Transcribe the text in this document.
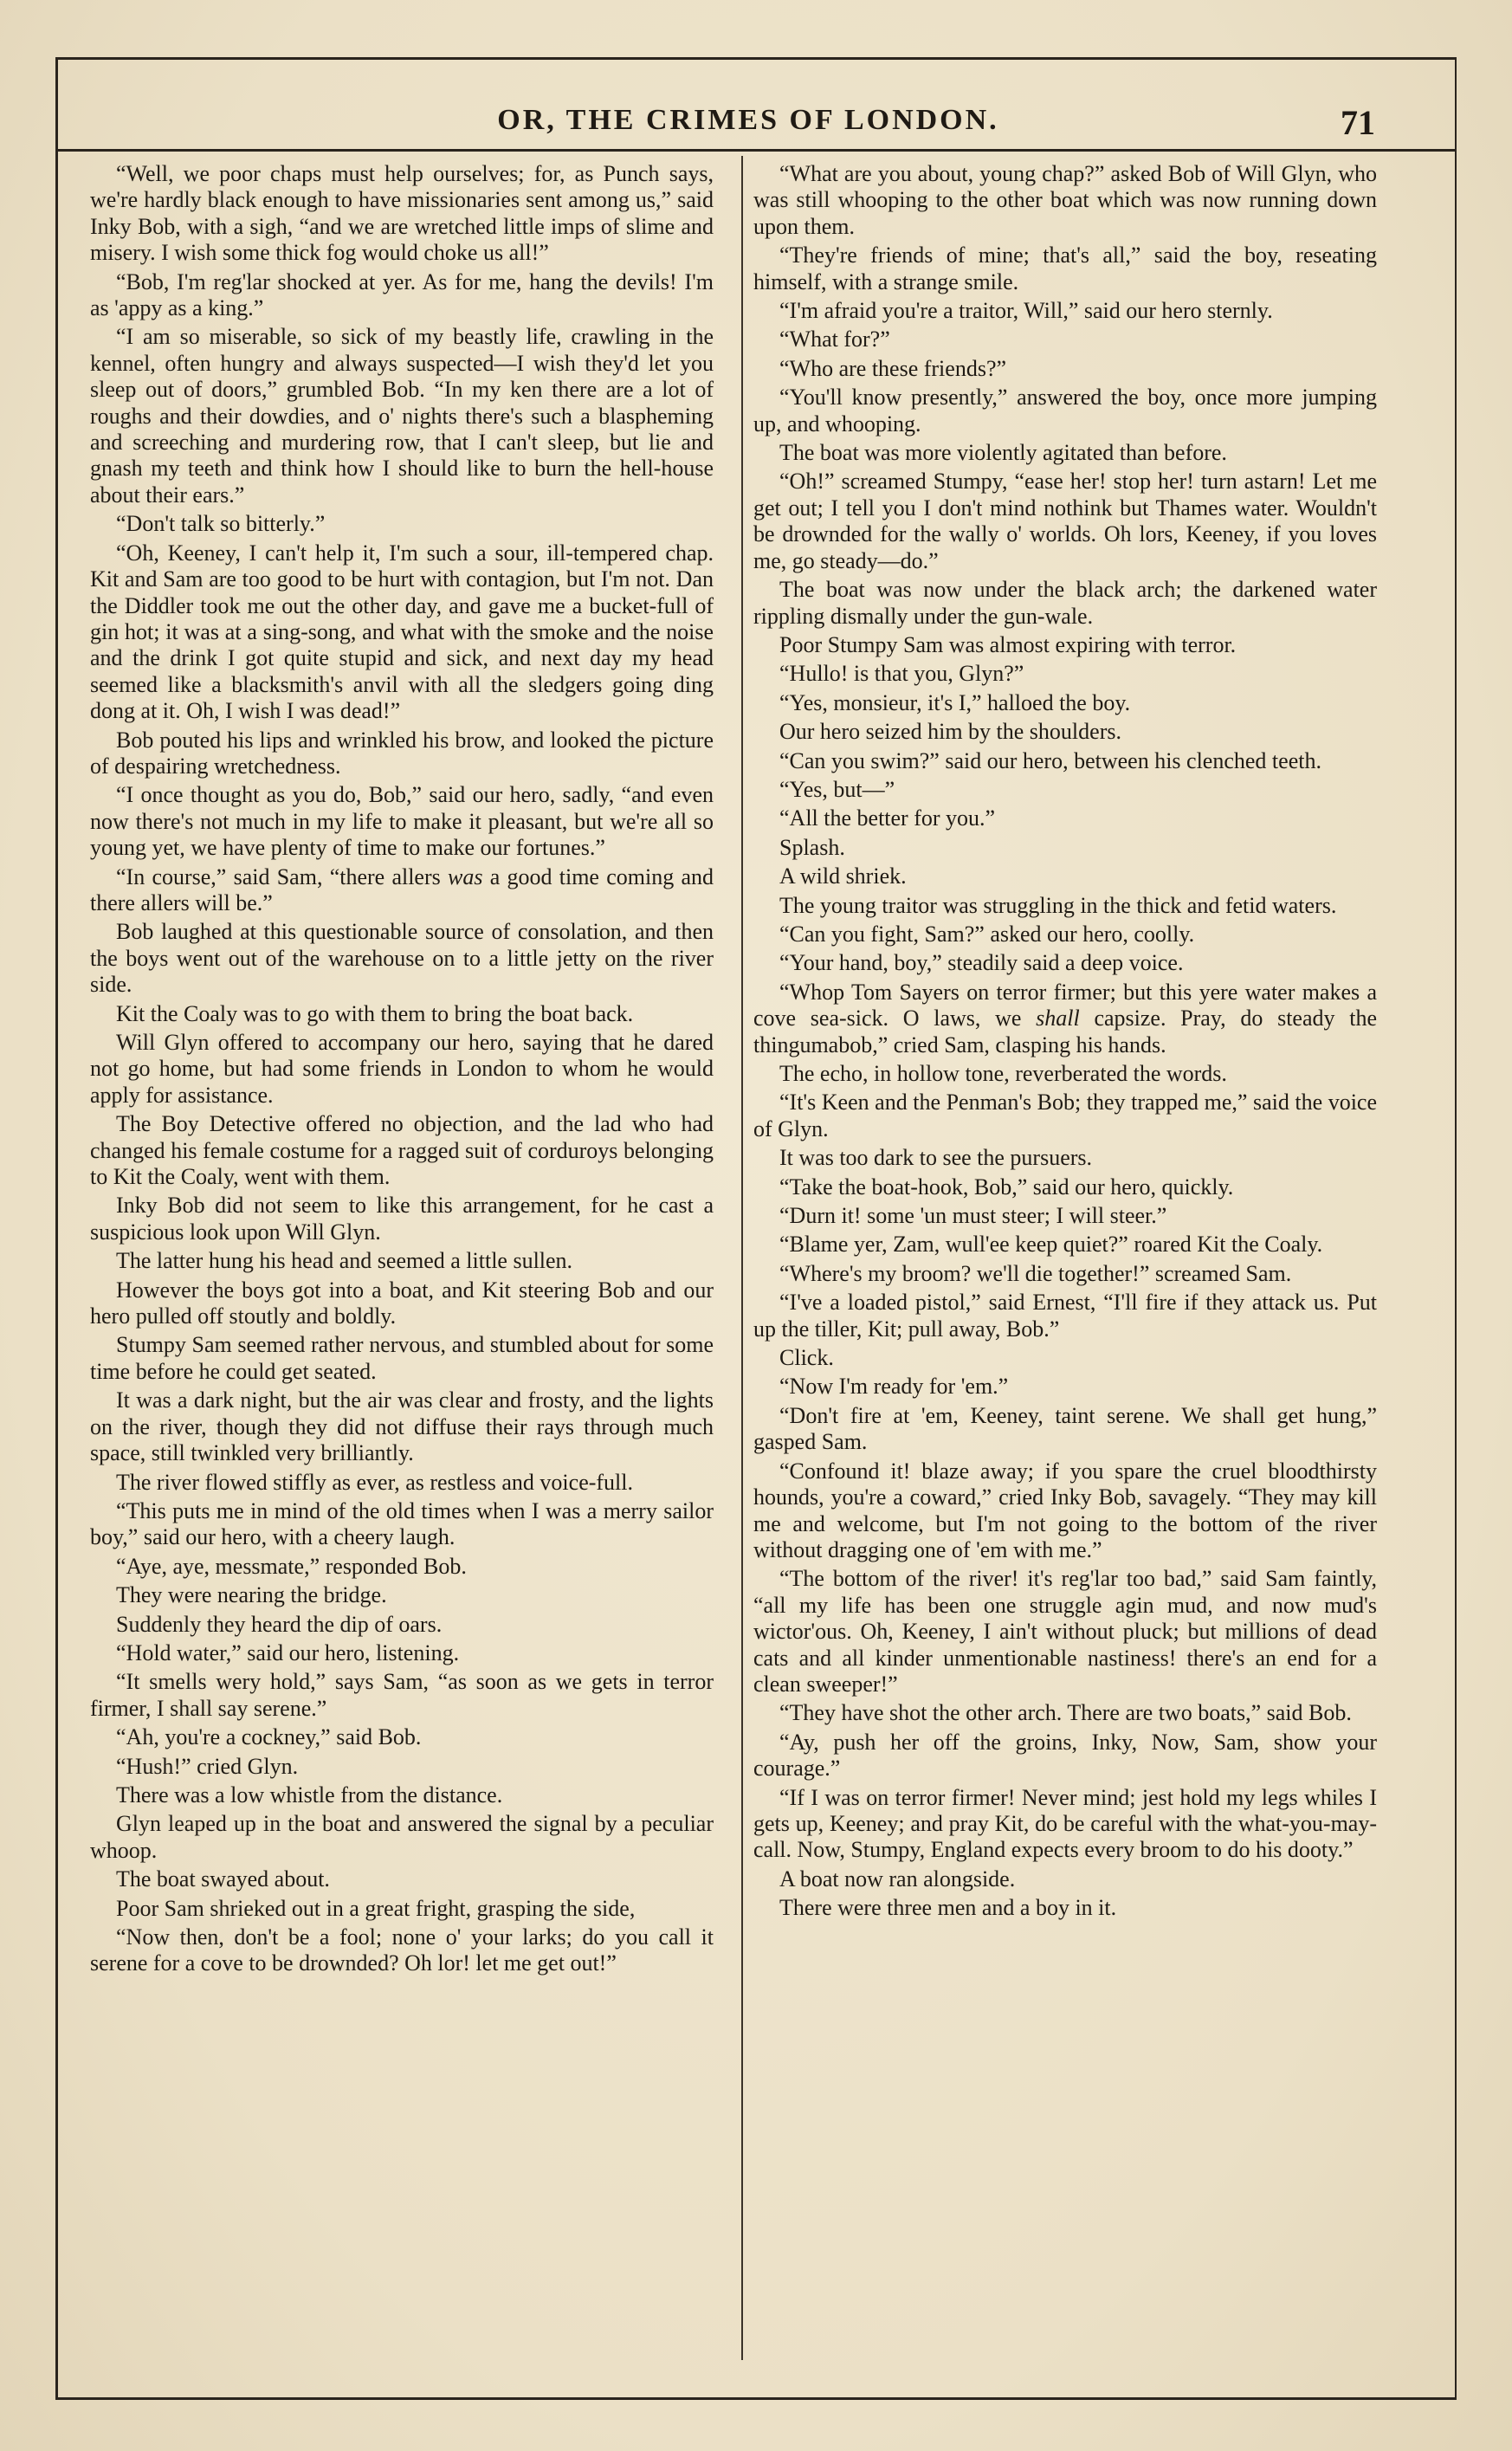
OR, THE CRIMES OF LONDON.	71

“Well, we poor chaps must help ourselves; for, as Punch says, we're hardly black enough to have missionaries sent among us,” said Inky Bob, with a sigh, “and we are wretched little imps of slime and misery. I wish some thick fog would choke us all!”

“Bob, I'm reg'lar shocked at yer. As for me, hang the devils! I'm as 'appy as a king.”

“I am so miserable, so sick of my beastly life, crawling in the kennel, often hungry and always suspected—I wish they'd let you sleep out of doors,” grumbled Bob. “In my ken there are a lot of roughs and their dowdies, and o' nights there's such a blaspheming and screeching and murdering row, that I can't sleep, but lie and gnash my teeth and think how I should like to burn the hell-house about their ears.”

“Don't talk so bitterly.”

“Oh, Keeney, I can't help it, I'm such a sour, ill-tempered chap. Kit and Sam are too good to be hurt with contagion, but I'm not. Dan the Diddler took me out the other day, and gave me a bucket-full of gin hot; it was at a sing-song, and what with the smoke and the noise and the drink I got quite stupid and sick, and next day my head seemed like a blacksmith's anvil with all the sledgers going ding dong at it. Oh, I wish I was dead!”

Bob pouted his lips and wrinkled his brow, and looked the picture of despairing wretchedness.

“I once thought as you do, Bob,” said our hero, sadly, “and even now there's not much in my life to make it pleasant, but we're all so young yet, we have plenty of time to make our fortunes.”

“In course,” said Sam, “there allers was a good time coming and there allers will be.”

Bob laughed at this questionable source of consolation, and then the boys went out of the warehouse on to a little jetty on the river side.

Kit the Coaly was to go with them to bring the boat back.

Will Glyn offered to accompany our hero, saying that he dared not go home, but had some friends in London to whom he would apply for assistance.

The Boy Detective offered no objection, and the lad who had changed his female costume for a ragged suit of corduroys belonging to Kit the Coaly, went with them.

Inky Bob did not seem to like this arrangement, for he cast a suspicious look upon Will Glyn.

The latter hung his head and seemed a little sullen.

However the boys got into a boat, and Kit steering Bob and our hero pulled off stoutly and boldly.

Stumpy Sam seemed rather nervous, and stumbled about for some time before he could get seated.

It was a dark night, but the air was clear and frosty, and the lights on the river, though they did not diffuse their rays through much space, still twinkled very brilliantly.

The river flowed stiffly as ever, as restless and voice-full.

“This puts me in mind of the old times when I was a merry sailor boy,” said our hero, with a cheery laugh.

“Aye, aye, messmate,” responded Bob.

They were nearing the bridge.

Suddenly they heard the dip of oars.

“Hold water,” said our hero, listening.

“It smells wery hold,” says Sam, “as soon as we gets in terror firmer, I shall say serene.”

“Ah, you're a cockney,” said Bob.

“Hush!” cried Glyn.

There was a low whistle from the distance.

Glyn leaped up in the boat and answered the signal by a peculiar whoop.

The boat swayed about.

Poor Sam shrieked out in a great fright, grasping the side,

“Now then, don't be a fool; none o' your larks; do you call it serene for a cove to be drownded? Oh lor! let me get out!”

“What are you about, young chap?” asked Bob of Will Glyn, who was still whooping to the other boat which was now running down upon them.

“They're friends of mine; that's all,” said the boy, reseating himself, with a strange smile.

“I'm afraid you're a traitor, Will,” said our hero sternly.

“What for?”

“Who are these friends?”

“You'll know presently,” answered the boy, once more jumping up, and whooping.

The boat was more violently agitated than before.

“Oh!” screamed Stumpy, “ease her! stop her! turn astarn! Let me get out; I tell you I don't mind nothink but Thames water. Wouldn't be drownded for the wally o' worlds. Oh lors, Keeney, if you loves me, go steady—do.”

The boat was now under the black arch; the darkened water rippling dismally under the gun-wale.

Poor Stumpy Sam was almost expiring with terror.

“Hullo! is that you, Glyn?”

“Yes, monsieur, it's I,” halloed the boy.

Our hero seized him by the shoulders.

“Can you swim?” said our hero, between his clenched teeth.

“Yes, but—”

“All the better for you.”

Splash.

A wild shriek.

The young traitor was struggling in the thick and fetid waters.

“Can you fight, Sam?” asked our hero, coolly.

“Your hand, boy,” steadily said a deep voice.

“Whop Tom Sayers on terror firmer; but this yere water makes a cove sea-sick. O laws, we shall capsize. Pray, do steady the thingumabob,” cried Sam, clasping his hands.

The echo, in hollow tone, reverberated the words.

“It's Keen and the Penman's Bob; they trapped me,” said the voice of Glyn.

It was too dark to see the pursuers.

“Take the boat-hook, Bob,” said our hero, quickly.

“Durn it! some 'un must steer; I will steer.”

“Blame yer, Zam, wull'ee keep quiet?” roared Kit the Coaly.

“Where's my broom? we'll die together!” screamed Sam.

“I've a loaded pistol,” said Ernest, “I'll fire if they attack us. Put up the tiller, Kit; pull away, Bob.”

Click.

“Now I'm ready for 'em.”

“Don't fire at 'em, Keeney, taint serene. We shall get hung,” gasped Sam.

“Confound it! blaze away; if you spare the cruel bloodthirsty hounds, you're a coward,” cried Inky Bob, savagely. “They may kill me and welcome, but I'm not going to the bottom of the river without dragging one of 'em with me.”

“The bottom of the river! it's reg'lar too bad,” said Sam faintly, “all my life has been one struggle agin mud, and now mud's wictor'ous. Oh, Keeney, I ain't without pluck; but millions of dead cats and all kinder unmentionable nastiness! there's an end for a clean sweeper!”

“They have shot the other arch. There are two boats,” said Bob.

“Ay, push her off the groins, Inky, Now, Sam, show your courage.”

“If I was on terror firmer! Never mind; jest hold my legs whiles I gets up, Keeney; and pray Kit, do be careful with the what-you-may-call. Now, Stumpy, England expects every broom to do his dooty.”

A boat now ran alongside.

There were three men and a boy in it.
